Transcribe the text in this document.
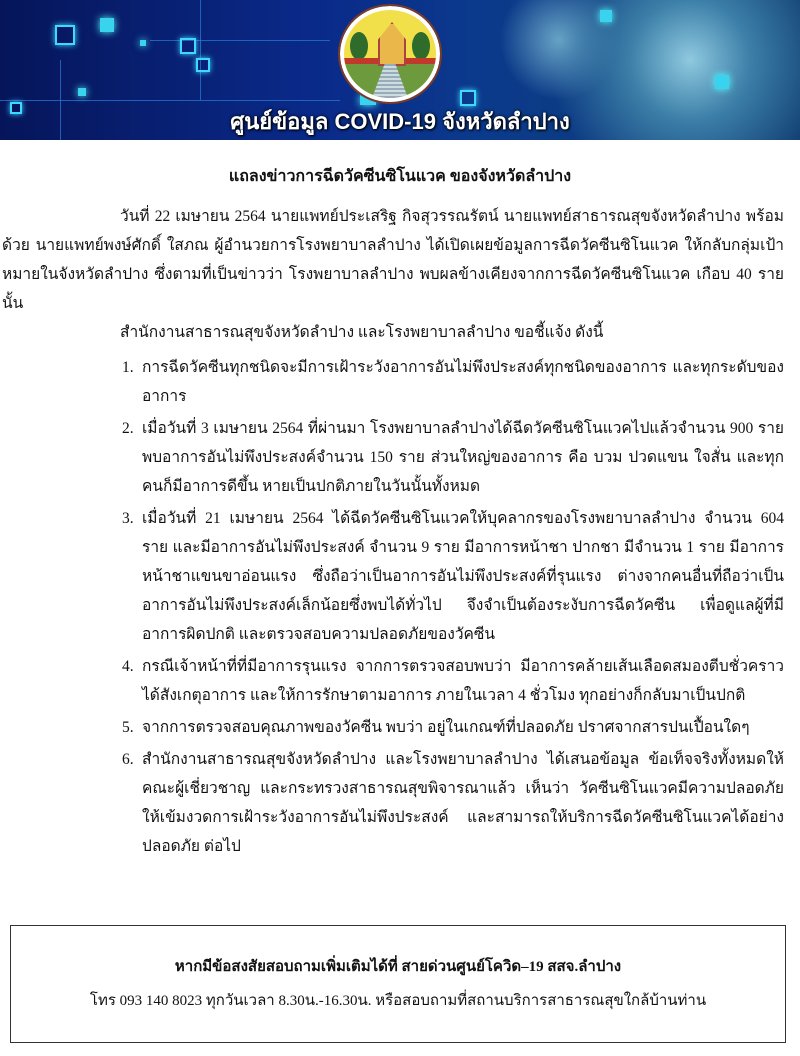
ศูนย์ข้อมูล COVID-19 จังหวัดลำปาง
แถลงข่าวการฉีดวัคซีนซิโนแวค ของจังหวัดลำปาง

วันที่ 22 เมษายน 2564 นายแพทย์ประเสริฐ กิจสุวรรณรัตน์ นายแพทย์สาธารณสุขจังหวัดลำปาง พร้อมด้วย นายแพทย์พงษ์ศักดิ์ ใสภณ ผู้อำนวยการโรงพยาบาลลำปาง ได้เปิดเผยข้อมูลการฉีดวัคซีนซิโนแวค ให้กลับกลุ่มเป้าหมายในจังหวัดลำปาง ซึ่งตามที่เป็นข่าวว่า โรงพยาบาลลำปาง พบผลข้างเคียงจากการฉีดวัคซีนซิโนแวค เกือบ 40 ราย นั้น

สำนักงานสาธารณสุขจังหวัดลำปาง และโรงพยาบาลลำปาง ขอชี้แจ้ง ดังนี้

1. การฉีดวัคซีนทุกชนิดจะมีการเฝ้าระวังอาการอันไม่พึงประสงค์ทุกชนิดของอาการ และทุกระดับของอาการ
2. เมื่อวันที่ 3 เมษายน 2564 ที่ผ่านมา โรงพยาบาลลำปางได้ฉีดวัคซีนซิโนแวคไปแล้วจำนวน 900 ราย พบอาการอันไม่พึงประสงค์จำนวน 150 ราย ส่วนใหญ่ของอาการ คือ บวม ปวดแขน ใจสั่น และทุกคนก็มีอาการดีขึ้น หายเป็นปกติภายในวันนั้นทั้งหมด
3. เมื่อวันที่ 21 เมษายน 2564 ได้ฉีดวัคซีนซิโนแวคให้บุคลากรของโรงพยาบาลลำปาง จำนวน 604 ราย และมีอาการอันไม่พึงประสงค์ จำนวน 9 ราย มีอาการหน้าชา ปากชา มีจำนวน 1 ราย มีอาการหน้าชาแขนขาอ่อนแรง ซึ่งถือว่าเป็นอาการอันไม่พึงประสงค์ที่รุนแรง ต่างจากคนอื่นที่ถือว่าเป็นอาการอันไม่พึงประสงค์เล็กน้อยซึ่งพบได้ทั่วไป จึงจำเป็นต้องระงับการฉีดวัคซีน เพื่อดูแลผู้ที่มีอาการผิดปกติ และตรวจสอบความปลอดภัยของวัคซีน
4. กรณีเจ้าหน้าที่ที่มีอาการรุนแรง จากการตรวจสอบพบว่า มีอาการคล้ายเส้นเลือดสมองตีบชั่วคราว ได้สังเกตุอาการ และให้การรักษาตามอาการ ภายในเวลา 4 ชั่วโมง ทุกอย่างก็กลับมาเป็นปกติ
5. จากการตรวจสอบคุณภาพของวัคซีน พบว่า อยู่ในเกณฑ์ที่ปลอดภัย ปราศจากสารปนเปื้อนใดๆ
6. สำนักงานสาธารณสุขจังหวัดลำปาง และโรงพยาบาลลำปาง ได้เสนอข้อมูล ข้อเท็จจริงทั้งหมดให้ คณะผู้เชี่ยวชาญ และกระทรวงสาธารณสุขพิจารณาแล้ว เห็นว่า วัคซีนซิโนแวคมีความปลอดภัย ให้เข้มงวดการเฝ้าระวังอาการอันไม่พึงประสงค์ และสามารถให้บริการฉีดวัคซีนซิโนแวคได้อย่างปลอดภัย ต่อไป
หากมีข้อสงสัยสอบถามเพิ่มเติมได้ที่ สายด่วนศูนย์โควิด–19 สสจ.ลำปาง
โทร 093 140 8023 ทุกวันเวลา 8.30น.-16.30น. หรือสอบถามที่สถานบริการสาธารณสุขใกล้บ้านท่าน
